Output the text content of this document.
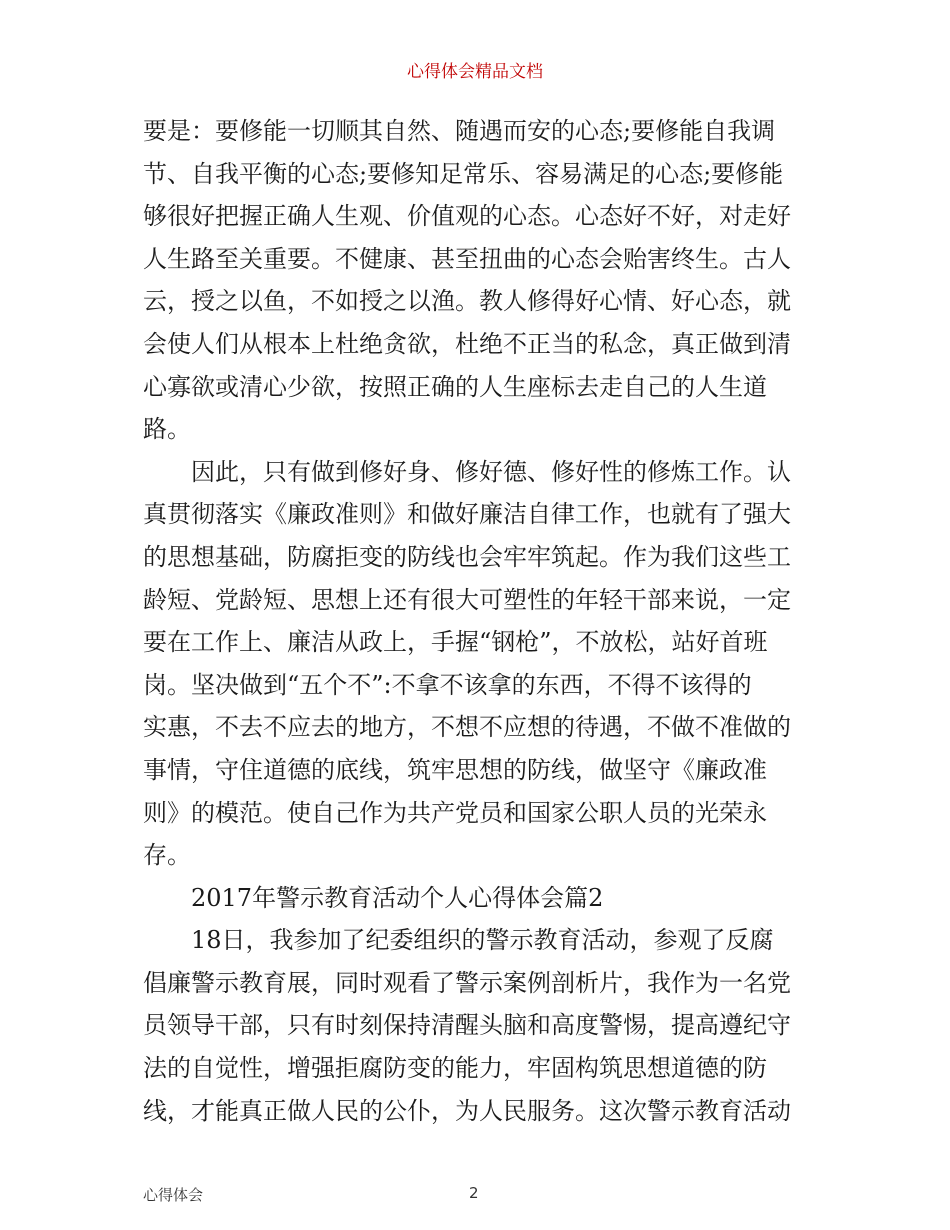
心得体会精品文档
要是：要修能一切顺其自然、随遇而安的心态;要修能自我调
节、自我平衡的心态;要修知足常乐、容易满足的心态;要修能
够很好把握正确人生观、价值观的心态。心态好不好，对走好
人生路至关重要。不健康、甚至扭曲的心态会贻害终生。古人
云，授之以鱼，不如授之以渔。教人修得好心情、好心态，就
会使人们从根本上杜绝贪欲，杜绝不正当的私念，真正做到清
心寡欲或清心少欲，按照正确的人生座标去走自己的人生道
路。
因此，只有做到修好身、修好德、修好性的修炼工作。认
真贯彻落实《廉政准则》和做好廉洁自律工作，也就有了强大
的思想基础，防腐拒变的防线也会牢牢筑起。作为我们这些工
龄短、党龄短、思想上还有很大可塑性的年轻干部来说，一定
要在工作上、廉洁从政上，手握“钢枪”，不放松，站好首班
岗。坚决做到“五个不”:不拿不该拿的东西，不得不该得的
实惠，不去不应去的地方，不想不应想的待遇，不做不准做的
事情，守住道德的底线，筑牢思想的防线，做坚守《廉政准
则》的模范。使自己作为共产党员和国家公职人员的光荣永
存。
2017年警示教育活动个人心得体会篇2
18日，我参加了纪委组织的警示教育活动，参观了反腐
倡廉警示教育展，同时观看了警示案例剖析片，我作为一名党
员领导干部，只有时刻保持清醒头脑和高度警惕，提高遵纪守
法的自觉性，增强拒腐防变的能力，牢固构筑思想道德的防
线，才能真正做人民的公仆，为人民服务。这次警示教育活动
心得体会	2
